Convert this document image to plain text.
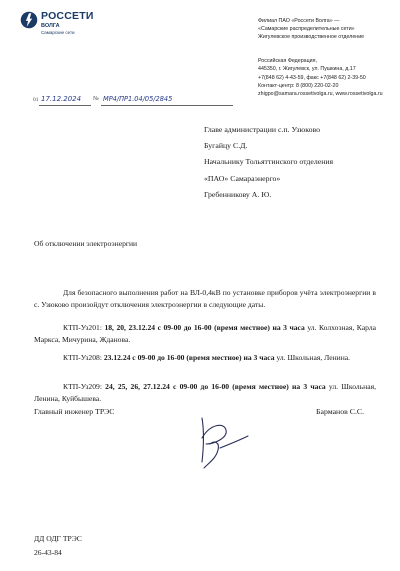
РОССЕТИ
ВОЛГА
Самарские сети
Филиал ПАО «Россети Волга» —
«Самарские распределительные сети»
Жигулевское производственное отделение
Российская Федерация,
445350, г. Жигулевск, ул. Пушкина, д.17
+7(848 62) 4-43-59, факс +7(848 62) 2-39-50
Контакт-центр: 8 (800) 220-02-20
zhigpo@samara.rossetivolga.ru, www.rossetivolga.ru
01 17.12.2024 № МР4/ПР1.04/05/2845
Главе администрации с.п. Узюково
Бугайцу С.Д.
Начальнику Тольяттинского отделения
«ПАО» Самараэнерго»
Гребенникову А. Ю.
Об отключении электроэнергии
Для безопасного выполнения работ на ВЛ-0,4кВ по установке приборов учёта электроэнергии в с. Узюково произойдут отключения электроэнергии в следующие даты.
КТП-Уз201: 18, 20, 23.12.24 с 09-00 до 16-00 (время местное) на 3 часа ул. Колхозная, Карла Маркса, Мичурина, Жданова.
КТП-Уз208: 23.12.24 с 09-00 до 16-00 (время местное) на 3 часа ул. Школьная, Ленина.
КТП-Уз209: 24, 25, 26, 27.12.24 с 09-00 до 16-00 (время местное) на 3 часа ул. Школьная, Ленина, Куйбышева.
Главный инженер ТРЭС	Барманов С.С.
ДД ОДГ ТРЭС
26-43-84
